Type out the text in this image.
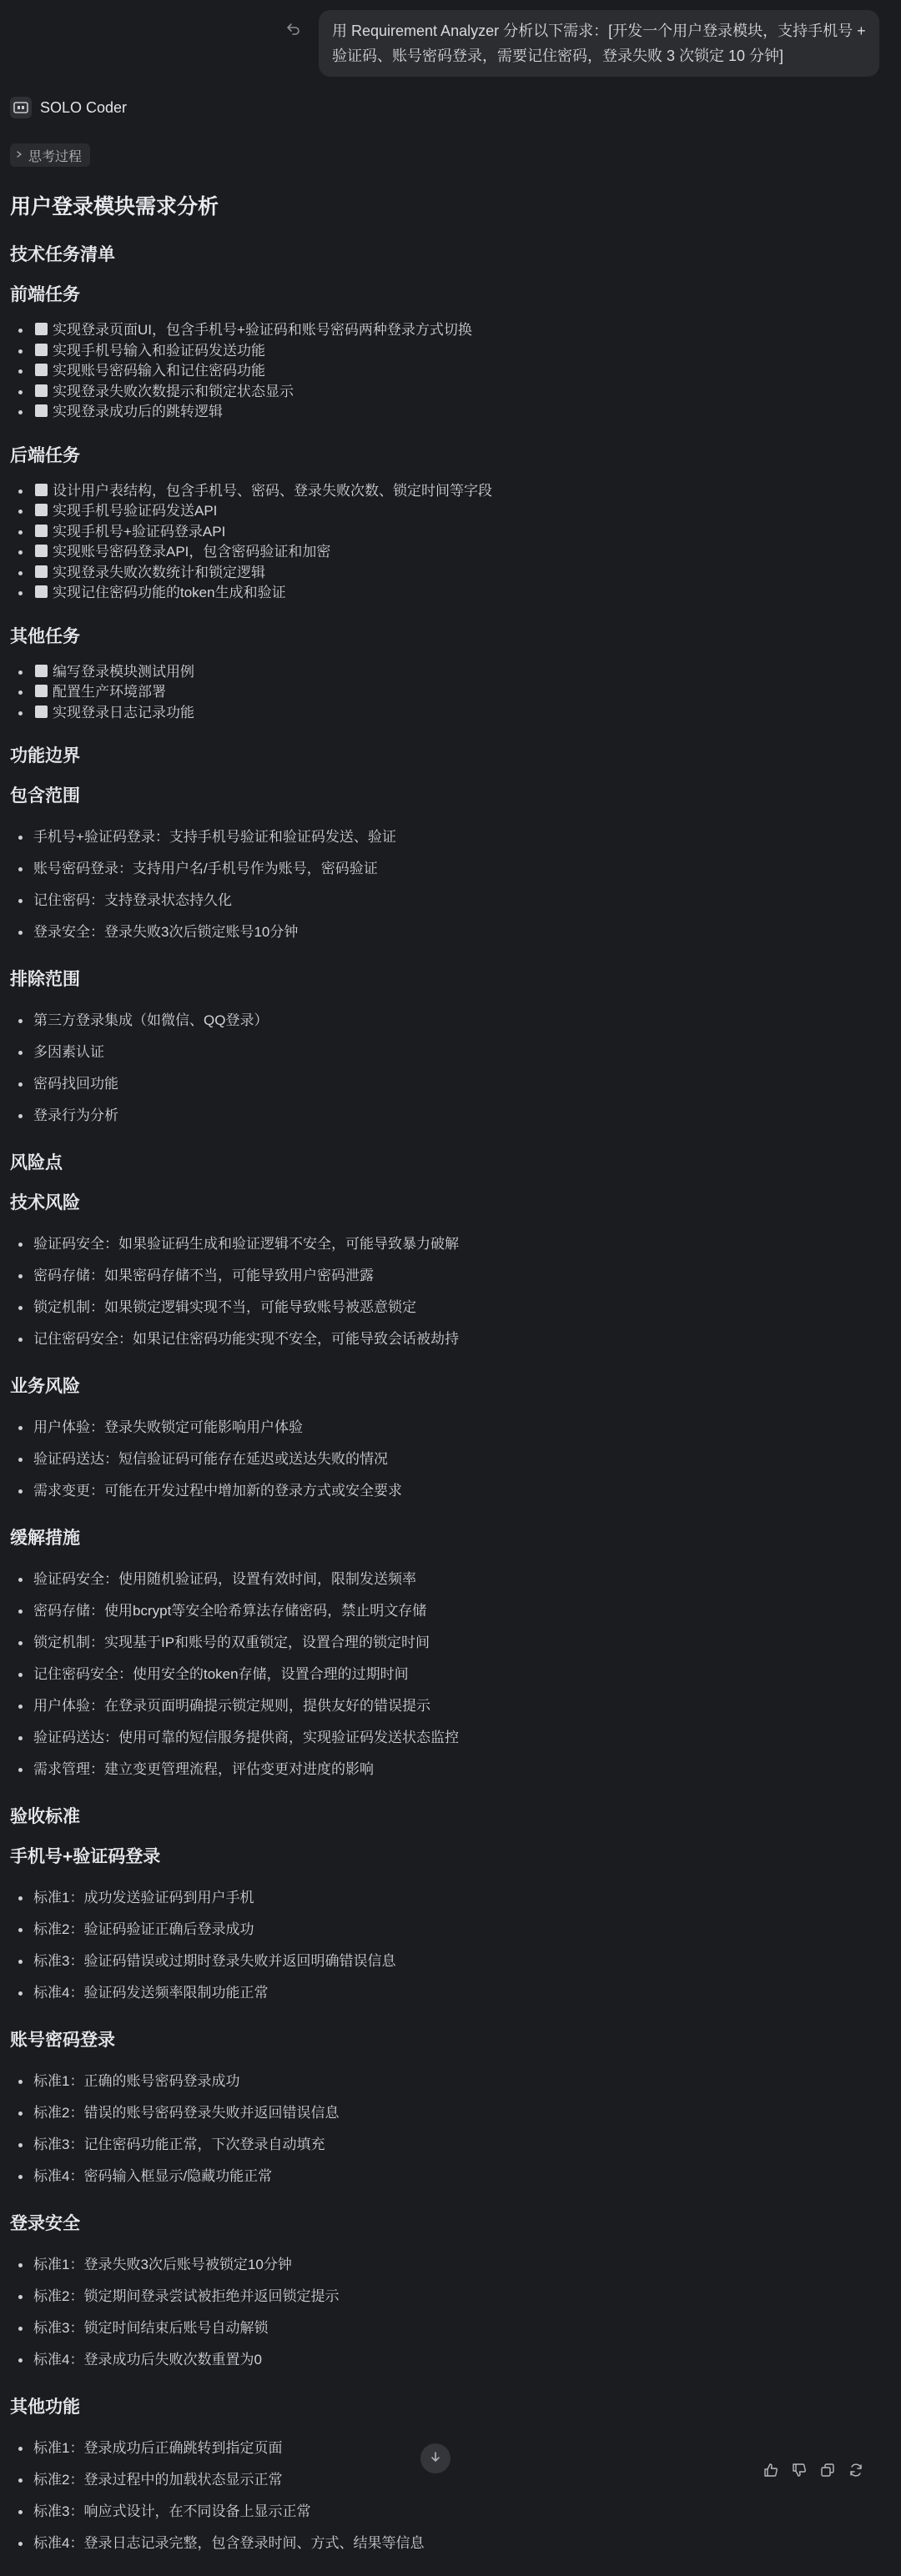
用 Requirement Analyzer 分析以下需求：[开发一个用户登录模块，支持手机号 + 验证码、账号密码登录，需要记住密码，登录失败 3 次锁定 10 分钟]
SOLO Coder
思考过程
用户登录模块需求分析
技术任务清单
前端任务
实现登录页面UI，包含手机号+验证码和账号密码两种登录方式切换
实现手机号输入和验证码发送功能
实现账号密码输入和记住密码功能
实现登录失败次数提示和锁定状态显示
实现登录成功后的跳转逻辑
后端任务
设计用户表结构，包含手机号、密码、登录失败次数、锁定时间等字段
实现手机号验证码发送API
实现手机号+验证码登录API
实现账号密码登录API，包含密码验证和加密
实现登录失败次数统计和锁定逻辑
实现记住密码功能的token生成和验证
其他任务
编写登录模块测试用例
配置生产环境部署
实现登录日志记录功能
功能边界
包含范围
手机号+验证码登录：支持手机号验证和验证码发送、验证
账号密码登录：支持用户名/手机号作为账号，密码验证
记住密码：支持登录状态持久化
登录安全：登录失败3次后锁定账号10分钟
排除范围
第三方登录集成（如微信、QQ登录）
多因素认证
密码找回功能
登录行为分析
风险点
技术风险
验证码安全：如果验证码生成和验证逻辑不安全，可能导致暴力破解
密码存储：如果密码存储不当，可能导致用户密码泄露
锁定机制：如果锁定逻辑实现不当，可能导致账号被恶意锁定
记住密码安全：如果记住密码功能实现不安全，可能导致会话被劫持
业务风险
用户体验：登录失败锁定可能影响用户体验
验证码送达：短信验证码可能存在延迟或送达失败的情况
需求变更：可能在开发过程中增加新的登录方式或安全要求
缓解措施
验证码安全：使用随机验证码，设置有效时间，限制发送频率
密码存储：使用bcrypt等安全哈希算法存储密码，禁止明文存储
锁定机制：实现基于IP和账号的双重锁定，设置合理的锁定时间
记住密码安全：使用安全的token存储，设置合理的过期时间
用户体验：在登录页面明确提示锁定规则，提供友好的错误提示
验证码送达：使用可靠的短信服务提供商，实现验证码发送状态监控
需求管理：建立变更管理流程，评估变更对进度的影响
验收标准
手机号+验证码登录
标准1：成功发送验证码到用户手机
标准2：验证码验证正确后登录成功
标准3：验证码错误或过期时登录失败并返回明确错误信息
标准4：验证码发送频率限制功能正常
账号密码登录
标准1：正确的账号密码登录成功
标准2：错误的账号密码登录失败并返回错误信息
标准3：记住密码功能正常，下次登录自动填充
标准4：密码输入框显示/隐藏功能正常
登录安全
标准1：登录失败3次后账号被锁定10分钟
标准2：锁定期间登录尝试被拒绝并返回锁定提示
标准3：锁定时间结束后账号自动解锁
标准4：登录成功后失败次数重置为0
其他功能
标准1：登录成功后正确跳转到指定页面
标准2：登录过程中的加载状态显示正常
标准3：响应式设计，在不同设备上显示正常
标准4：登录日志记录完整，包含登录时间、方式、结果等信息
